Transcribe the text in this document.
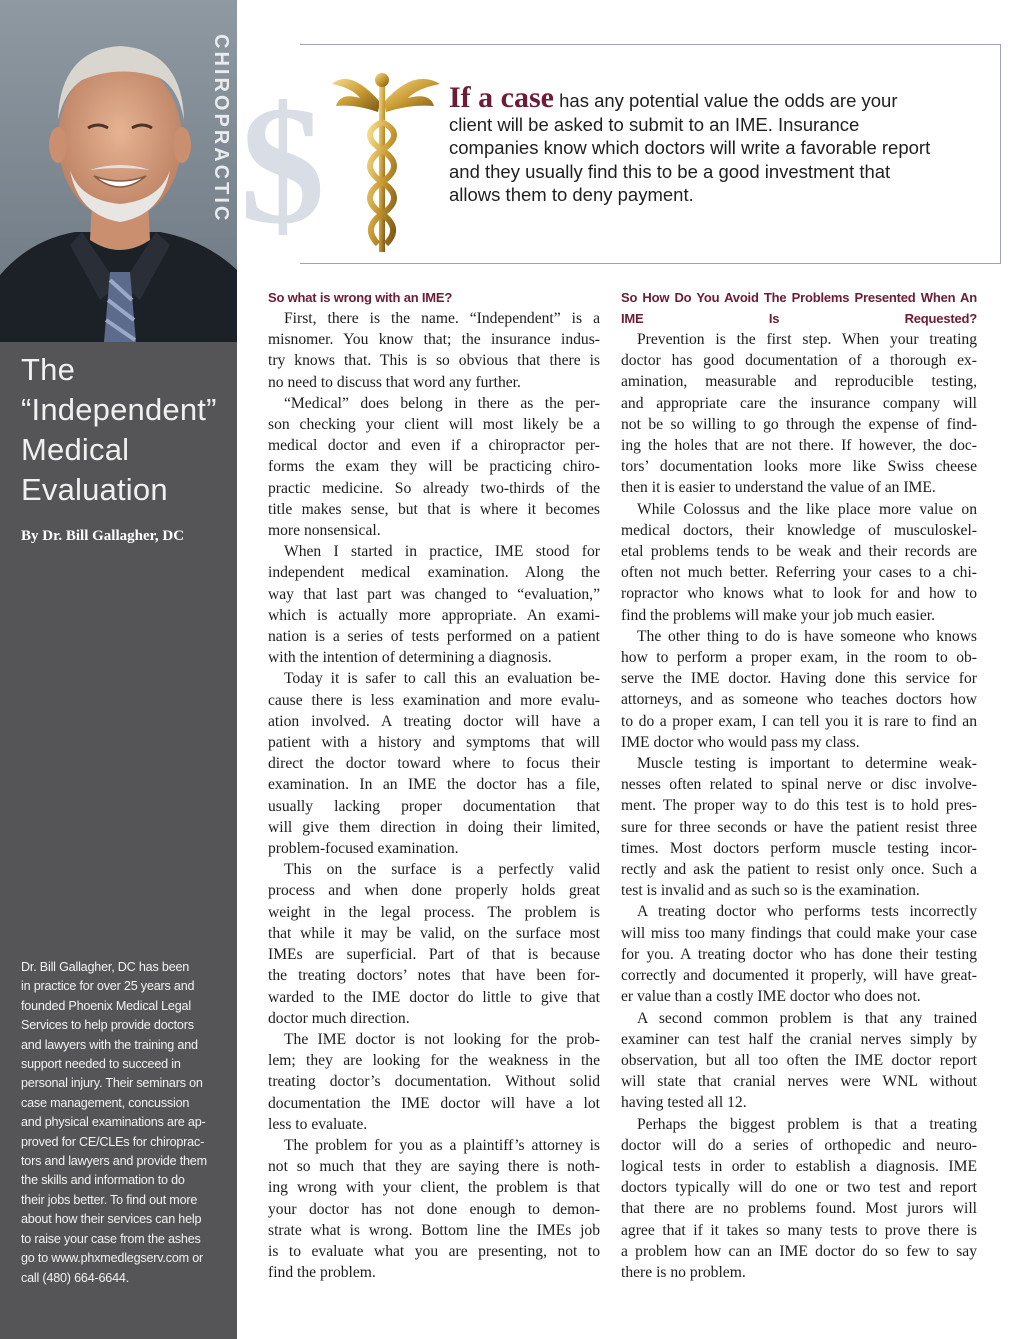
CHIROPRACTIC
The
“Independent”
Medical
Evaluation
By Dr. Bill Gallagher, DC
Dr. Bill Gallagher, DC has been
in practice for over 25 years and
founded Phoenix Medical Legal
Services to help provide doctors
and lawyers with the training and
support needed to succeed in
personal injury. Their seminars on
case management, concussion
and physical examinations are ap-
proved for CE/CLEs for chiroprac-
tors and lawyers and provide them
the skills and information to do
their jobs better. To find out more
about how their services can help
to raise your case from the ashes
go to www.phxmedlegserv.com or
call (480) 664-6644.
$	If a case has any potential value the odds are your
client will be asked to submit to an IME. Insurance
companies know which doctors will write a favorable report
and they usually find this to be a good investment that
allows them to deny payment.
So what is wrong with an IME?

First, there is the name. “Independent” is a
misnomer. You know that; the insurance indus-
try knows that. This is so obvious that there is
no need to discuss that word any further.

“Medical” does belong in there as the per-
son checking your client will most likely be a
medical doctor and even if a chiropractor per-
forms the exam they will be practicing chiro-
practic medicine. So already two-thirds of the
title makes sense, but that is where it becomes
more nonsensical.

When I started in practice, IME stood for
independent medical examination. Along the
way that last part was changed to “evaluation,”
which is actually more appropriate. An exami-
nation is a series of tests performed on a patient
with the intention of determining a diagnosis.

Today it is safer to call this an evaluation be-
cause there is less examination and more evalu-
ation involved. A treating doctor will have a
patient with a history and symptoms that will
direct the doctor toward where to focus their
examination. In an IME the doctor has a file,
usually lacking proper documentation that
will give them direction in doing their limited,
problem-focused examination.

This on the surface is a perfectly valid
process and when done properly holds great
weight in the legal process. The problem is
that while it may be valid, on the surface most
IMEs are superficial. Part of that is because
the treating doctors’ notes that have been for-
warded to the IME doctor do little to give that
doctor much direction.

The IME doctor is not looking for the prob-
lem; they are looking for the weakness in the
treating doctor’s documentation. Without solid
documentation the IME doctor will have a lot
less to evaluate.

The problem for you as a plaintiff’s attorney is
not so much that they are saying there is noth-
ing wrong with your client, the problem is that
your doctor has not done enough to demon-
strate what is wrong. Bottom line the IMEs job
is to evaluate what you are presenting, not to
find the problem.

So How Do You Avoid The Problems Presented When An
IME Is Requested?

Prevention is the first step. When your treating
doctor has good documentation of a thorough ex-
amination, measurable and reproducible testing,
and appropriate care the insurance company will
not be so willing to go through the expense of find-
ing the holes that are not there. If however, the doc-
tors’ documentation looks more like Swiss cheese
then it is easier to understand the value of an IME.

While Colossus and the like place more value on
medical doctors, their knowledge of musculoskel-
etal problems tends to be weak and their records are
often not much better. Referring your cases to a chi-
ropractor who knows what to look for and how to
find the problems will make your job much easier.

The other thing to do is have someone who knows
how to perform a proper exam, in the room to ob-
serve the IME doctor. Having done this service for
attorneys, and as someone who teaches doctors how
to do a proper exam, I can tell you it is rare to find an
IME doctor who would pass my class.

Muscle testing is important to determine weak-
nesses often related to spinal nerve or disc involve-
ment. The proper way to do this test is to hold pres-
sure for three seconds or have the patient resist three
times. Most doctors perform muscle testing incor-
rectly and ask the patient to resist only once. Such a
test is invalid and as such so is the examination.

A treating doctor who performs tests incorrectly
will miss too many findings that could make your case
for you. A treating doctor who has done their testing
correctly and documented it properly, will have great-
er value than a costly IME doctor who does not.

A second common problem is that any trained
examiner can test half the cranial nerves simply by
observation, but all too often the IME doctor report
will state that cranial nerves were WNL without
having tested all 12.

Perhaps the biggest problem is that a treating
doctor will do a series of orthopedic and neuro-
logical tests in order to establish a diagnosis. IME
doctors typically will do one or two test and report
that there are no problems found. Most jurors will
agree that if it takes so many tests to prove there is
a problem how can an IME doctor do so few to say
there is no problem.
